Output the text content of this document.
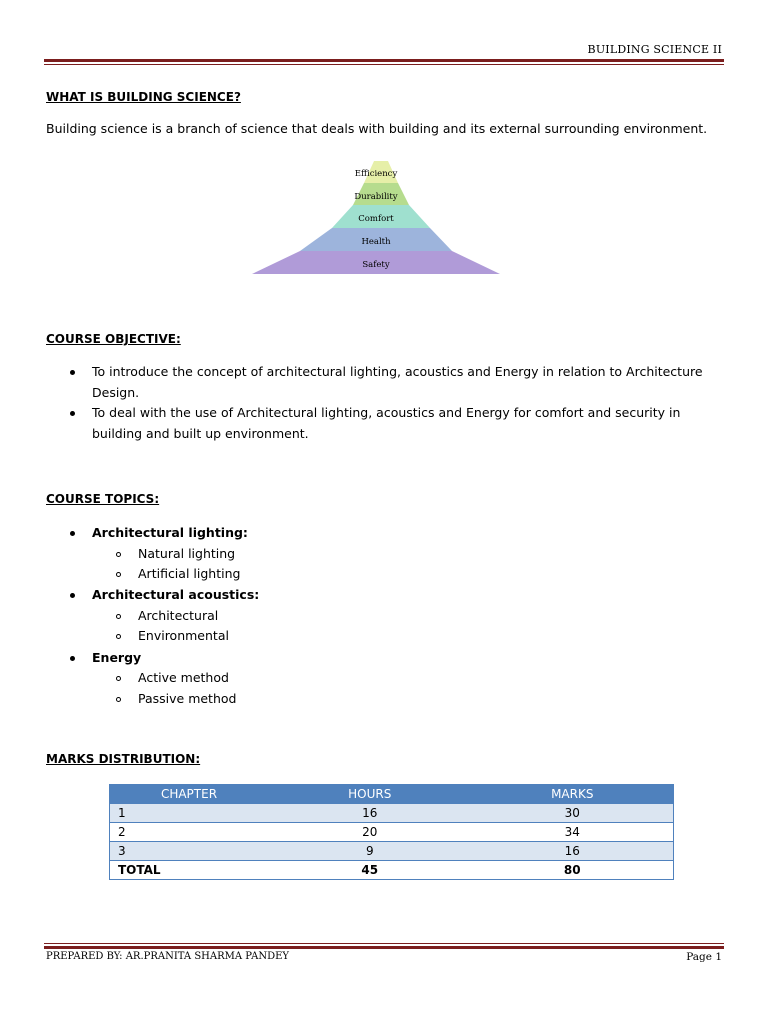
BUILDING SCIENCE II
WHAT IS BUILDING SCIENCE?
Building science is a branch of science that deals with building and its external surrounding environment.
Efficiency
Durability
Comfort
Health
Safety
COURSE OBJECTIVE:
To introduce the concept of architectural lighting, acoustics and Energy in relation to Architecture
Design.
To deal with the use of Architectural lighting, acoustics and Energy for comfort and security in
building and built up environment.
COURSE TOPICS:
Architectural lighting:
Natural lighting
Artificial lighting
Architectural acoustics:
Architectural
Environmental
Energy
Active method
Passive method
MARKS DISTRIBUTION:
CHAPTER	HOURS	MARKS
1	16	30
2	20	34
3	9	16
TOTAL	45	80
PREPARED BY: AR.PRANITA SHARMA PANDEY	Page 1
